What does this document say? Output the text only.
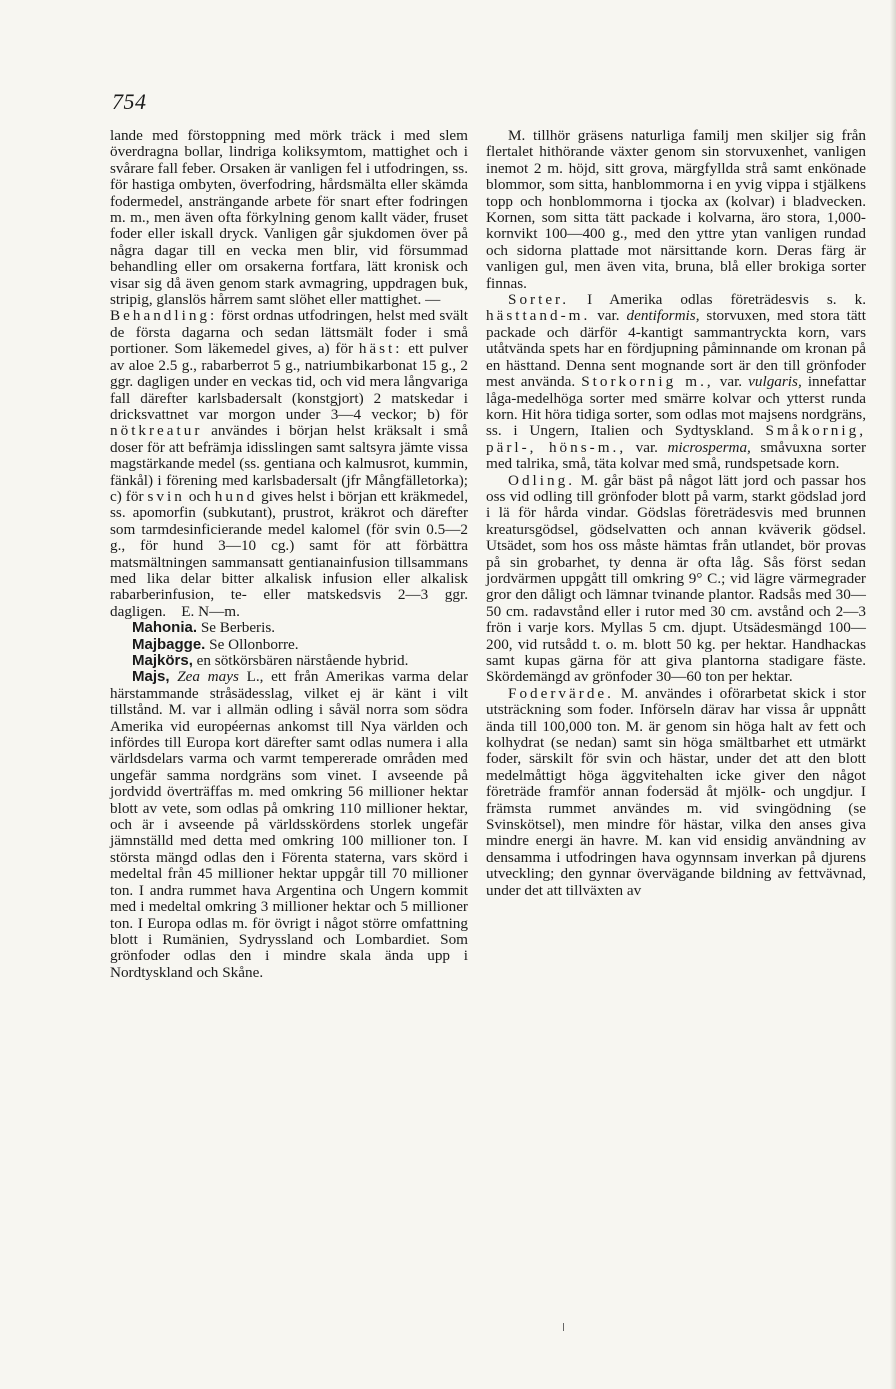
754

lande med förstoppning med mörk träck i med slem överdragna bollar, lindriga koliksymtom, mattighet och i svårare fall feber. Orsaken är vanligen fel i utfodringen, ss. för hastiga ombyten, överfodring, hårdsmälta eller skämda fodermedel, ansträngande arbete för snart efter fodringen m. m., men även ofta förkylning genom kallt väder, fruset foder eller iskall dryck. Vanligen går sjukdomen över på några dagar till en vecka men blir, vid försummad behandling eller om orsakerna fortfara, lätt kronisk och visar sig då även genom stark avmagring, uppdragen buk, stripig, glanslös hårrem samt slöhet eller mattighet. —

Behandling: först ordnas utfodringen, helst med svält de första dagarna och sedan lättsmält foder i små portioner. Som läkemedel gives, a) för häst: ett pulver av aloe 2.5 g., rabarberrot 5 g., natriumbikarbonat 15 g., 2 ggr. dagligen under en veckas tid, och vid mera långvariga fall därefter karlsbadersalt (konstgjort) 2 matskedar i dricksvattnet var morgon under 3—4 veckor; b) för nötkreatur användes i början helst kräksalt i små doser för att befrämja idisslingen samt saltsyra jämte vissa magstärkande medel (ss. gentiana och kalmusrot, kummin, fänkål) i förening med karlsbadersalt (jfr Mångfälletorka); c) för svin och hund gives helst i början ett kräkmedel, ss. apomorfin (subkutant), prustrot, kräkrot och därefter som tarmdesinficierande medel kalomel (för svin 0.5—2 g., för hund 3—10 cg.) samt för att förbättra matsmältningen sammansatt gentianainfusion tillsammans med lika delar bitter alkalisk infusion eller alkalisk rabarberinfusion, te- eller matskedsvis 2—3 ggr. dagligen. E. N—m.

Mahonia. Se Berberis.

Majbagge. Se Ollonborre.

Majkörs, en sötkörsbären närstående hybrid.

Majs, Zea mays L., ett från Amerikas varma delar härstammande stråsädesslag, vilket ej är känt i vilt tillstånd. M. var i allmän odling i såväl norra som södra Amerika vid européernas ankomst till Nya världen och infördes till Europa kort därefter samt odlas numera i alla världsdelars varma och varmt tempererade områden med ungefär samma nordgräns som vinet. I avseende på jordvidd överträffas m. med omkring 56 millioner hektar blott av vete, som odlas på omkring 110 millioner hektar, och är i avseende på världsskördens storlek ungefär jämnställd med detta med omkring 100 millioner ton. I största mängd odlas den i Förenta staterna, vars skörd i medeltal från 45 millioner hektar uppgår till 70 millioner ton. I andra rummet hava Argentina och Ungern kommit med i medeltal omkring 3 millioner hektar och 5 millioner ton. I Europa odlas m. för övrigt i något större omfattning blott i Rumänien, Sydryssland och Lombardiet. Som grönfoder odlas den i mindre skala ända upp i Nordtyskland och Skåne.

M. tillhör gräsens naturliga familj men skiljer sig från flertalet hithörande växter genom sin storvuxenhet, vanligen inemot 2 m. höjd, sitt grova, märgfyllda strå samt enkönade blommor, som sitta, hanblommorna i en yvig vippa i stjälkens topp och honblommorna i tjocka ax (kolvar) i bladvecken. Kornen, som sitta tätt packade i kolvarna, äro stora, 1,000-kornvikt 100—400 g., med den yttre ytan vanligen rundad och sidorna plattade mot närsittande korn. Deras färg är vanligen gul, men även vita, bruna, blå eller brokiga sorter finnas.

Sorter. I Amerika odlas företrädesvis s. k. hästtand-m. var. dentiformis, storvuxen, med stora tätt packade och därför 4-kantigt sammantryckta korn, vars utåtvända spets har en fördjupning påminnande om kronan på en hästtand. Denna sent mognande sort är den till grönfoder mest använda. Storkornig m., var. vulgaris, innefattar låga-medelhöga sorter med smärre kolvar och ytterst runda korn. Hit höra tidiga sorter, som odlas mot majsens nordgräns, ss. i Ungern, Italien och Sydtyskland. Småkornig, pärl-, höns-m., var. microsperma, småvuxna sorter med talrika, små, täta kolvar med små, rundspetsade korn.

Odling. M. går bäst på något lätt jord och passar hos oss vid odling till grönfoder blott på varm, starkt gödslad jord i lä för hårda vindar. Gödslas företrädesvis med brunnen kreatursgödsel, gödselvatten och annan kväverik gödsel. Utsädet, som hos oss måste hämtas från utlandet, bör provas på sin grobarhet, ty denna är ofta låg. Sås först sedan jordvärmen uppgått till omkring 9° C.; vid lägre värmegrader gror den dåligt och lämnar tvinande plantor. Radsås med 30—50 cm. radavstånd eller i rutor med 30 cm. avstånd och 2—3 frön i varje kors. Myllas 5 cm. djupt. Utsädesmängd 100—200, vid rutsådd t. o. m. blott 50 kg. per hektar. Handhackas samt kupas gärna för att giva plantorna stadigare fäste. Skördemängd av grönfoder 30—60 ton per hektar.

Fodervärde. M. användes i oförarbetat skick i stor utsträckning som foder. Införseln därav har vissa år uppnått ända till 100,000 ton. M. är genom sin höga halt av fett och kolhydrat (se nedan) samt sin höga smältbarhet ett utmärkt foder, särskilt för svin och hästar, under det att den blott medelmåttigt höga äggvitehalten icke giver den något företräde framför annan fodersäd åt mjölk- och ungdjur. I främsta rummet användes m. vid svingödning (se Svinskötsel), men mindre för hästar, vilka den anses giva mindre energi än havre. M. kan vid ensidig användning av densamma i utfodringen hava ogynnsam inverkan på djurens utveckling; den gynnar övervägande bildning av fettvävnad, under det att tillväxten av
